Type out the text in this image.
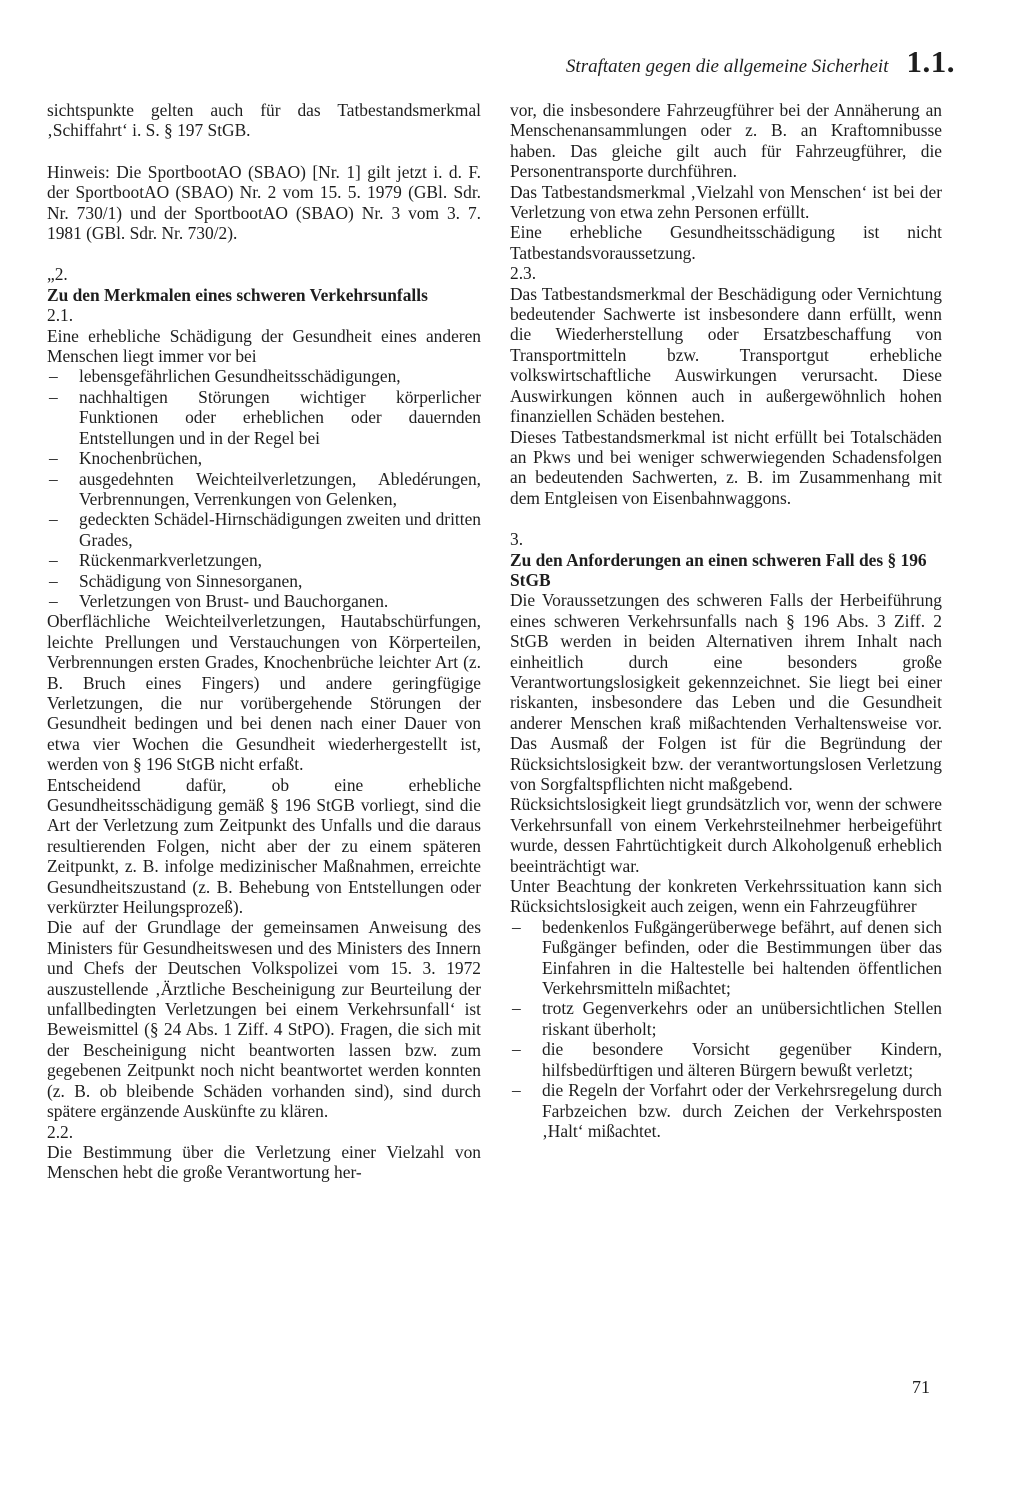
Straftaten gegen die allgemeine Sicherheit 1.1.
sichtspunkte gelten auch für das Tatbestandsmerkmal ‚Schiffahrt‘ i. S. § 197 StGB.
Hinweis: Die SportbootAO (SBAO) [Nr. 1] gilt jetzt i. d. F. der SportbootAO (SBAO) Nr. 2 vom 15. 5. 1979 (GBl. Sdr. Nr. 730/1) und der SportbootAO (SBAO) Nr. 3 vom 3. 7. 1981 (GBl. Sdr. Nr. 730/2).
„2.
Zu den Merkmalen eines schweren Verkehrsunfalls
2.1.
Eine erhebliche Schädigung der Gesundheit eines anderen Menschen liegt immer vor bei
– lebensgefährlichen Gesundheitsschädigungen,
– nachhaltigen Störungen wichtiger körperlicher Funktionen oder erheblichen oder dauernden Entstellungen und in der Regel bei
– Knochenbrüchen,
– ausgedehnten Weichteilverletzungen, Abledérungen, Verbrennungen, Verrenkungen von Gelenken,
– gedeckten Schädel-Hirnschädigungen zweiten und dritten Grades,
– Rückenmarkverletzungen,
– Schädigung von Sinnesorganen,
– Verletzungen von Brust- und Bauchorganen.
Oberflächliche Weichteilverletzungen, Hautabschürfungen, leichte Prellungen und Verstauchungen von Körperteilen, Verbrennungen ersten Grades, Knochenbrüche leichter Art (z. B. Bruch eines Fingers) und andere geringfügige Verletzungen, die nur vorübergehende Störungen der Gesundheit bedingen und bei denen nach einer Dauer von etwa vier Wochen die Gesundheit wiederhergestellt ist, werden von § 196 StGB nicht erfaßt.
Entscheidend dafür, ob eine erhebliche Gesundheitsschädigung gemäß § 196 StGB vorliegt, sind die Art der Verletzung zum Zeitpunkt des Unfalls und die daraus resultierenden Folgen, nicht aber der zu einem späteren Zeitpunkt, z. B. infolge medizinischer Maßnahmen, erreichte Gesundheitszustand (z. B. Behebung von Entstellungen oder verkürzter Heilungsprozeß).
Die auf der Grundlage der gemeinsamen Anweisung des Ministers für Gesundheitswesen und des Ministers des Innern und Chefs der Deutschen Volkspolizei vom 15. 3. 1972 auszustellende ‚Ärztliche Bescheinigung zur Beurteilung der unfallbedingten Verletzungen bei einem Verkehrsunfall‘ ist Beweismittel (§ 24 Abs. 1 Ziff. 4 StPO). Fragen, die sich mit der Bescheinigung nicht beantworten lassen bzw. zum gegebenen Zeitpunkt noch nicht beantwortet werden konnten (z. B. ob bleibende Schäden vorhanden sind), sind durch spätere ergänzende Auskünfte zu klären.
2.2.
Die Bestimmung über die Verletzung einer Vielzahl von Menschen hebt die große Verantwortung her-
vor, die insbesondere Fahrzeugführer bei der Annäherung an Menschenansammlungen oder z. B. an Kraftomnibusse haben. Das gleiche gilt auch für Fahrzeugführer, die Personentransporte durchführen.
Das Tatbestandsmerkmal ‚Vielzahl von Menschen‘ ist bei der Verletzung von etwa zehn Personen erfüllt.
Eine erhebliche Gesundheitsschädigung ist nicht Tatbestandsvoraussetzung.
2.3.
Das Tatbestandsmerkmal der Beschädigung oder Vernichtung bedeutender Sachwerte ist insbesondere dann erfüllt, wenn die Wiederherstellung oder Ersatzbeschaffung von Transportmitteln bzw. Transportgut erhebliche volkswirtschaftliche Auswirkungen verursacht. Diese Auswirkungen können auch in außergewöhnlich hohen finanziellen Schäden bestehen.
Dieses Tatbestandsmerkmal ist nicht erfüllt bei Totalschäden an Pkws und bei weniger schwerwiegenden Schadensfolgen an bedeutenden Sachwerten, z. B. im Zusammenhang mit dem Entgleisen von Eisenbahnwaggons.
3.
Zu den Anforderungen an einen schweren Fall des § 196 StGB
Die Voraussetzungen des schweren Falls der Herbeiführung eines schweren Verkehrsunfalls nach § 196 Abs. 3 Ziff. 2 StGB werden in beiden Alternativen ihrem Inhalt nach einheitlich durch eine besonders große Verantwortungslosigkeit gekennzeichnet. Sie liegt bei einer riskanten, insbesondere das Leben und die Gesundheit anderer Menschen kraß mißachtenden Verhaltensweise vor. Das Ausmaß der Folgen ist für die Begründung der Rücksichtslosigkeit bzw. der verantwortungslosen Verletzung von Sorgfaltspflichten nicht maßgebend.
Rücksichtslosigkeit liegt grundsätzlich vor, wenn der schwere Verkehrsunfall von einem Verkehrsteilnehmer herbeigeführt wurde, dessen Fahrtüchtigkeit durch Alkoholgenuß erheblich beeinträchtigt war.
Unter Beachtung der konkreten Verkehrssituation kann sich Rücksichtslosigkeit auch zeigen, wenn ein Fahrzeugführer
– bedenkenlos Fußgängerüberwege befährt, auf denen sich Fußgänger befinden, oder die Bestimmungen über das Einfahren in die Haltestelle bei haltenden öffentlichen Verkehrsmitteln mißachtet;
– trotz Gegenverkehrs oder an unübersichtlichen Stellen riskant überholt;
– die besondere Vorsicht gegenüber Kindern, hilfsbedürftigen und älteren Bürgern bewußt verletzt;
– die Regeln der Vorfahrt oder der Verkehrsregelung durch Farbzeichen bzw. durch Zeichen der Verkehrsposten ‚Halt‘ mißachtet.
71
